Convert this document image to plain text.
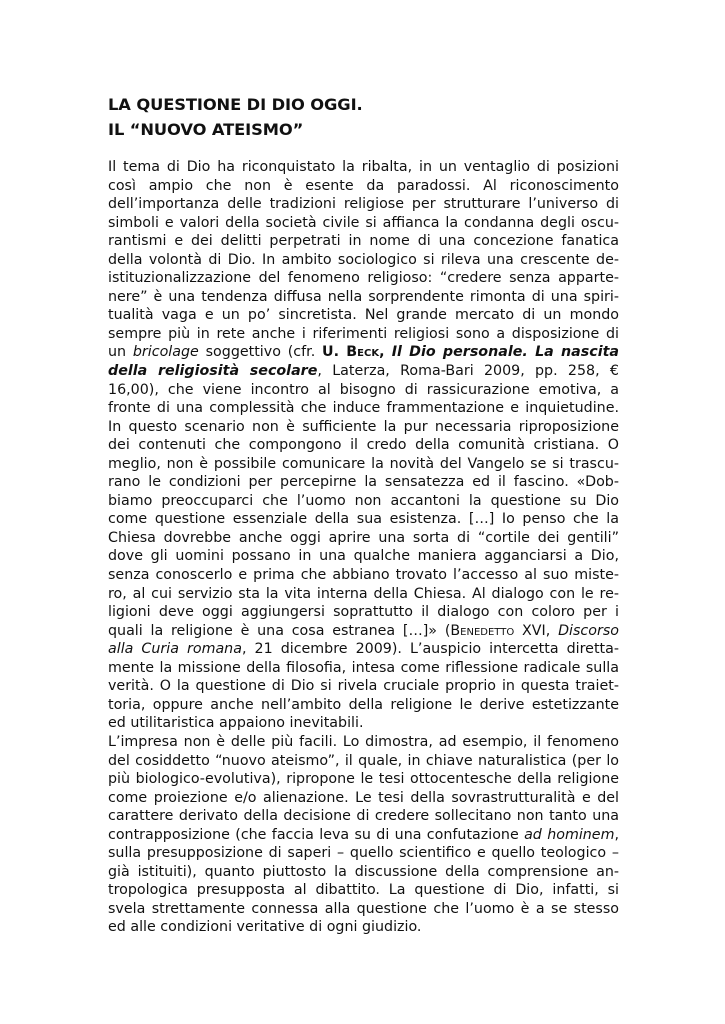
LA QUESTIONE DI DIO OGGI.
IL “NUOVO ATEISMO”
Il tema di Dio ha riconquistato la ribalta, in un ventaglio di posizioni
così ampio che non è esente da paradossi. Al riconoscimento
dell’importanza delle tradizioni religiose per strutturare l’universo di
simboli e valori della società civile si affianca la condanna degli oscu-
rantismi e dei delitti perpetrati in nome di una concezione fanatica
della volontà di Dio. In ambito sociologico si rileva una crescente de-
istituzionalizzazione del fenomeno religioso: “credere senza apparte-
nere” è una tendenza diffusa nella sorprendente rimonta di una spiri-
tualità vaga e un po’ sincretista. Nel grande mercato di un mondo
sempre più in rete anche i riferimenti religiosi sono a disposizione di
un bricolage soggettivo (cfr. U. Beck, Il Dio personale. La nascita
della religiosità secolare, Laterza, Roma-Bari 2009, pp. 258, €
16,00), che viene incontro al bisogno di rassicurazione emotiva, a
fronte di una complessità che induce frammentazione e inquietudine.
In questo scenario non è sufficiente la pur necessaria riproposizione
dei contenuti che compongono il credo della comunità cristiana. O
meglio, non è possibile comunicare la novità del Vangelo se si trascu-
rano le condizioni per percepirne la sensatezza ed il fascino. «Dob-
biamo preoccuparci che l’uomo non accantoni la questione su Dio
come questione essenziale della sua esistenza. […] Io penso che la
Chiesa dovrebbe anche oggi aprire una sorta di “cortile dei gentili”
dove gli uomini possano in una qualche maniera agganciarsi a Dio,
senza conoscerlo e prima che abbiano trovato l’accesso al suo miste-
ro, al cui servizio sta la vita interna della Chiesa. Al dialogo con le re-
ligioni deve oggi aggiungersi soprattutto il dialogo con coloro per i
quali la religione è una cosa estranea […]» (Benedetto XVI, Discorso
alla Curia romana, 21 dicembre 2009). L’auspicio intercetta diretta-
mente la missione della filosofia, intesa come riflessione radicale sulla
verità. O la questione di Dio si rivela cruciale proprio in questa traiet-
toria, oppure anche nell’ambito della religione le derive estetizzante
ed utilitaristica appaiono inevitabili.
L’impresa non è delle più facili. Lo dimostra, ad esempio, il fenomeno
del cosiddetto “nuovo ateismo”, il quale, in chiave naturalistica (per lo
più biologico-evolutiva), ripropone le tesi ottocentesche della religione
come proiezione e/o alienazione. Le tesi della sovrastrutturalità e del
carattere derivato della decisione di credere sollecitano non tanto una
contrapposizione (che faccia leva su di una confutazione ad hominem,
sulla presupposizione di saperi – quello scientifico e quello teologico –
già istituiti), quanto piuttosto la discussione della comprensione an-
tropologica presupposta al dibattito. La questione di Dio, infatti, si
svela strettamente connessa alla questione che l’uomo è a se stesso
ed alle condizioni veritative di ogni giudizio.
